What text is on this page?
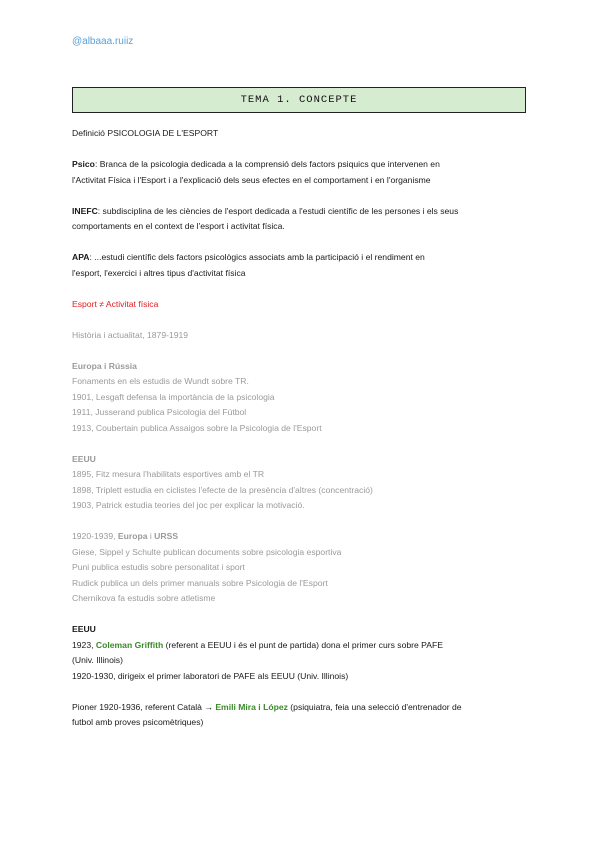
@albaaa.ruiiz
TEMA 1. CONCEPTE

Definició PSICOLOGIA DE L'ESPORT

Psico: Branca de la psicologia dedicada a la comprensió dels factors psiquics que intervenen en

l'Activitat Física i l'Esport i a l'explicació dels seus efectes en el comportament i en l'organisme

INEFC: subdisciplina de les ciències de l'esport dedicada a l'estudi científic de les persones i els seus

comportaments en el context de l'esport i activitat física.

APA: ...estudi científic dels factors psicològics associats amb la participació i el rendiment en

l'esport, l'exercici i altres tipus d'activitat física

Esport ≠ Activitat física

Història i actualitat, 1879-1919

Europa i Rússia

Fonaments en els estudis de Wundt sobre TR.

1901, Lesgaft defensa la importància de la psicologia

1911, Jusserand publica Psicologia del Fútbol

1913, Coubertain publica Assaigos sobre la Psicologia de l'Esport

EEUU

1895, Fitz mesura l'habilitats esportives amb el TR

1898, Triplett estudia en ciclistes l'efecte de la presència d'altres (concentració)

1903, Patrick estudia teories del joc per explicar la motivació.

1920-1939, Europa i URSS

Giese, Sippel y Schulte publican documents sobre psicologia esportiva

Puni publica estudis sobre personalitat i sport

Rudick publica un dels primer manuals sobre Psicologia de l'Esport

Chernikova fa estudis sobre atletisme

EEUU

1923, Coleman Griffith (referent a EEUU i és el punt de partida) dona el primer curs sobre PAFE

(Univ. Illinois)

1920-1930, dirigeix el primer laboratori de PAFE als EEUU (Univ. Illinois)

Pioner 1920-1936, referent Català → Emili Mira i López (psiquiatra, feia una selecció d'entrenador de

futbol amb proves psicomètriques)
